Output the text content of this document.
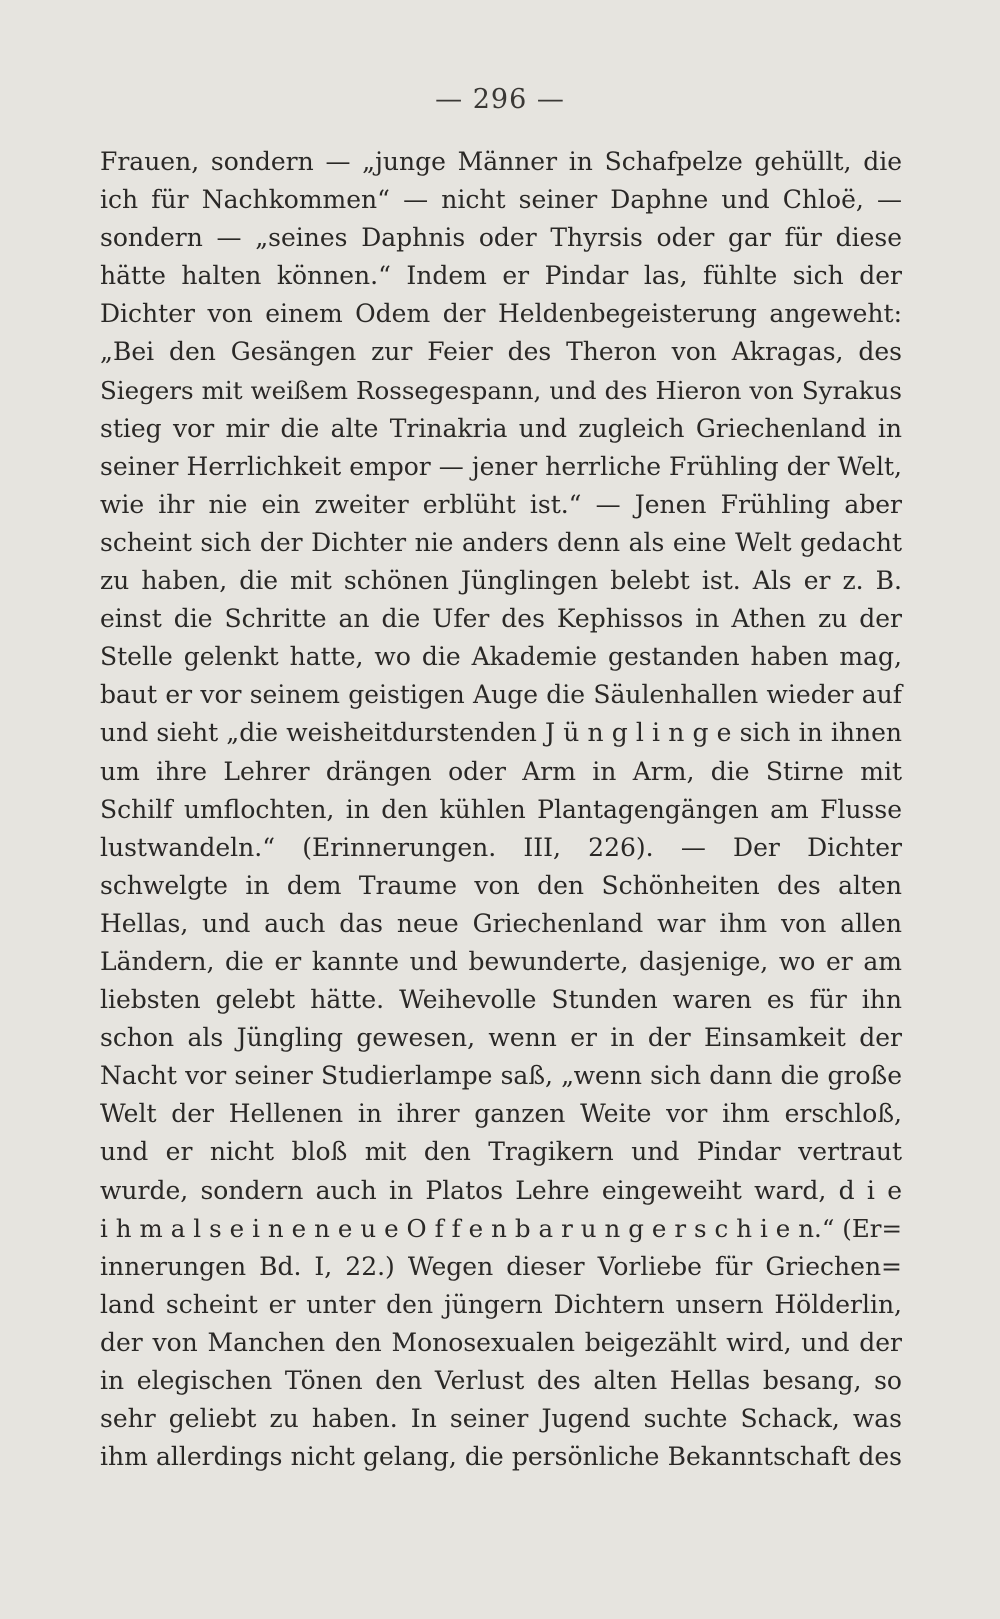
— 296 —
Frauen, sondern — „junge Männer in Schafpelze gehüllt, die
ich für Nachkommen“ — nicht seiner Daphne und Chloë, —
sondern — „seines Daphnis oder Thyrsis oder gar für diese
hätte halten können.“ Indem er Pindar las, fühlte sich der
Dichter von einem Odem der Heldenbegeisterung angeweht:
„Bei den Gesängen zur Feier des Theron von Akragas, des
Siegers mit weißem Rossegespann, und des Hieron von Syrakus
stieg vor mir die alte Trinakria und zugleich Griechenland in
seiner Herrlichkeit empor — jener herrliche Frühling der Welt,
wie ihr nie ein zweiter erblüht ist.“ — Jenen Frühling aber
scheint sich der Dichter nie anders denn als eine Welt gedacht
zu haben, die mit schönen Jünglingen belebt ist. Als er z. B.
einst die Schritte an die Ufer des Kephissos in Athen zu der
Stelle gelenkt hatte, wo die Akademie gestanden haben mag,
baut er vor seinem geistigen Auge die Säulenhallen wieder auf
und sieht „die weisheitdurstenden J ü n g l i n g e sich in ihnen
um ihre Lehrer drängen oder Arm in Arm, die Stirne mit
Schilf umflochten, in den kühlen Plantagengängen am Flusse
lustwandeln.“ (Erinnerungen. III, 226). — Der Dichter
schwelgte in dem Traume von den Schönheiten des alten
Hellas, und auch das neue Griechenland war ihm von allen
Ländern, die er kannte und bewunderte, dasjenige, wo er am
liebsten gelebt hätte. Weihevolle Stunden waren es für ihn
schon als Jüngling gewesen, wenn er in der Einsamkeit der
Nacht vor seiner Studierlampe saß, „wenn sich dann die große
Welt der Hellenen in ihrer ganzen Weite vor ihm erschloß,
und er nicht bloß mit den Tragikern und Pindar vertraut
wurde, sondern auch in Platos Lehre eingeweiht ward, d i e
i h m a l s e i n e n e u e O f f e n b a r u n g e r s c h i e n.“ (Er=
innerungen Bd. I, 22.) Wegen dieser Vorliebe für Griechen=
land scheint er unter den jüngern Dichtern unsern Hölderlin,
der von Manchen den Monosexualen beigezählt wird, und der
in elegischen Tönen den Verlust des alten Hellas besang, so
sehr geliebt zu haben. In seiner Jugend suchte Schack, was
ihm allerdings nicht gelang, die persönliche Bekanntschaft des
